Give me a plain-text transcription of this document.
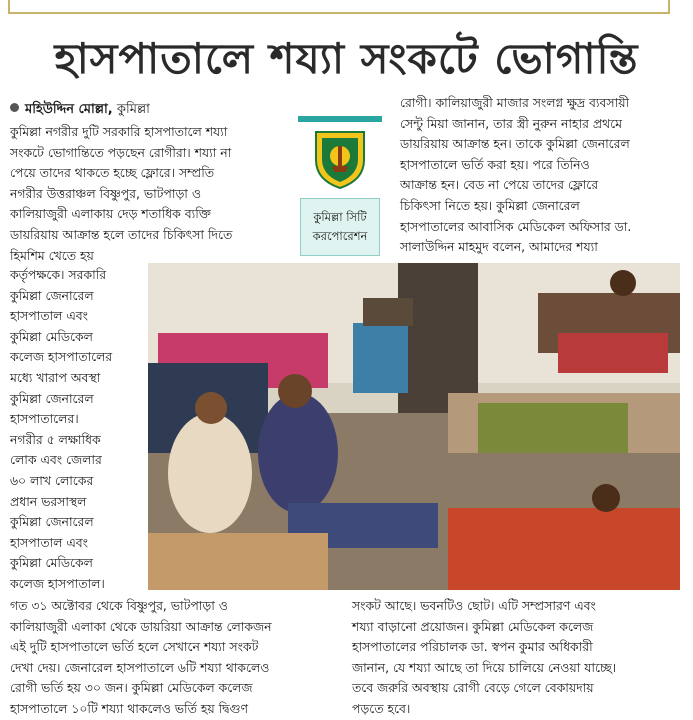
হাসপাতালে শয্যা সংকটে ভোগান্তি
মহিউদ্দিন মোল্লা, কুমিল্লা

কুমিল্লা নগরীর দুটি সরকারি হাসপাতালে শয্যা

সংকটে ভোগান্তিতে পড়ছেন রোগীরা। শয্যা না

পেয়ে তাদের থাকতে হচ্ছে ফ্লোরে। সম্প্রতি

নগরীর উত্তরাঞ্চল বিষ্ণুপুর, ভাটপাড়া ও

কালিয়াজুরী এলাকায় দেড় শতাধিক ব্যক্তি

ডায়রিয়ায় আক্রান্ত হলে তাদের চিকিৎসা দিতে

হিমশিম খেতে হয়

কুমিল্লা সিটি
করপোরেশন

রোগী। কালিয়াজুরী মাজার সংলগ্ন ক্ষুদ্র ব্যবসায়ী

সেন্টু মিয়া জানান, তার স্ত্রী নুরুন নাহার প্রথমে

ডায়রিয়ায় আক্রান্ত হন। তাকে কুমিল্লা জেনারেল

হাসপাতালে ভর্তি করা হয়। পরে তিনিও

আক্রান্ত হন। বেড না পেয়ে তাদের ফ্লোরে

চিকিৎসা নিতে হয়। কুমিল্লা জেনারেল

হাসপাতালের আবাসিক মেডিকেল অফিসার ডা.

সালাউদ্দিন মাহমুদ বলেন, আমাদের শয্যা

কর্তৃপক্ষকে। সরকারি

কুমিল্লা জেনারেল

হাসপাতাল এবং

কুমিল্লা মেডিকেল

কলেজ হাসপাতালের

মধ্যে খারাপ অবস্থা

কুমিল্লা জেনারেল

হাসপাতালের।

নগরীর ৫ লক্ষাধিক

লোক এবং জেলার

৬০ লাখ লোকের

প্রধান ভরসাস্থল

কুমিল্লা জেনারেল

হাসপাতাল এবং

কুমিল্লা মেডিকেল

কলেজ হাসপাতাল।

গত ৩১ অক্টোবর থেকে বিষ্ণুপুর, ভাটপাড়া ও

কালিয়াজুরী এলাকা থেকে ডায়রিয়া আক্রান্ত লোকজন

এই দুটি হাসপাতালে ভর্তি হলে সেখানে শয্যা সংকট

দেখা দেয়। জেনারেল হাসপাতালে ৬টি শয্যা থাকলেও

রোগী ভর্তি হয় ৩০ জন। কুমিল্লা মেডিকেল কলেজ

হাসপাতালে ১০টি শয্যা থাকলেও ভর্তি হয় দ্বিগুণ

সংকট আছে। ভবনটিও ছোট। এটি সম্প্রসারণ এবং

শয্যা বাড়ানো প্রয়োজন। কুমিল্লা মেডিকেল কলেজ

হাসপাতালের পরিচালক ডা. স্বপন কুমার অধিকারী

জানান, যে শয্যা আছে তা দিয়ে চালিয়ে নেওয়া যাচ্ছে।

তবে জরুরি অবস্থায় রোগী বেড়ে গেলে বেকায়দায়

পড়তে হবে।
